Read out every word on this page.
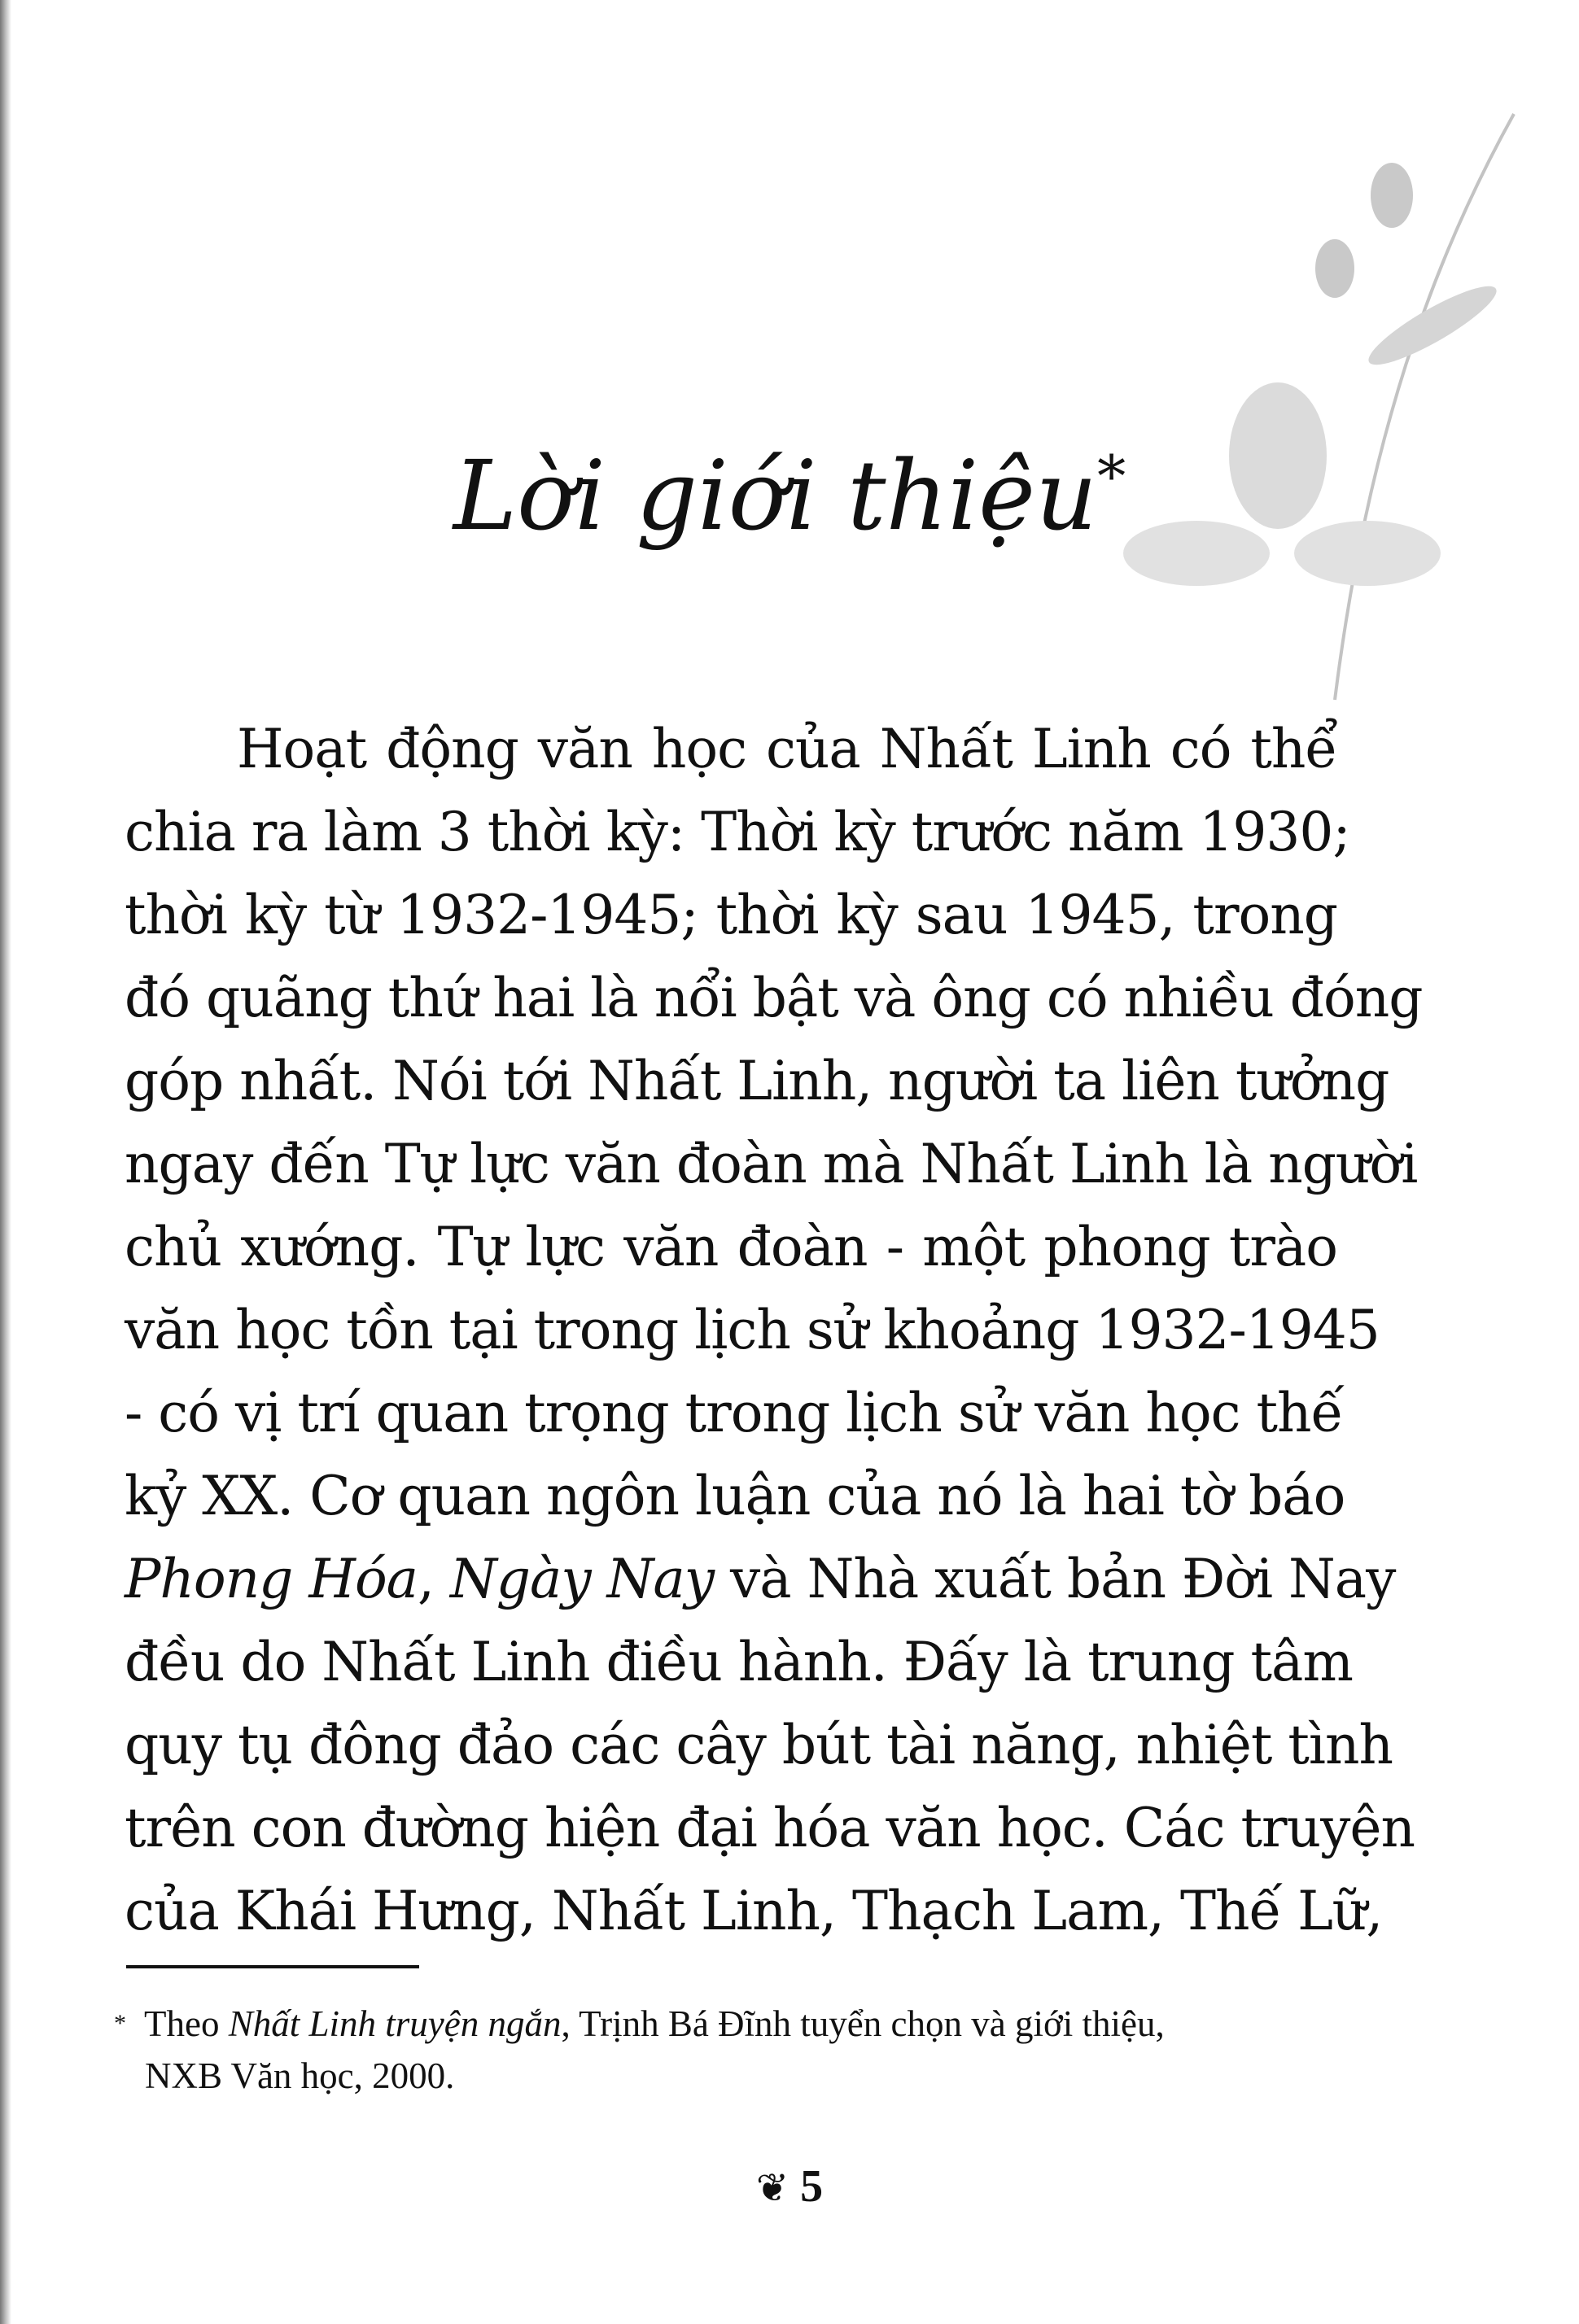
Lời giới thiệu*
Hoạt động văn học của Nhất Linh có thể
chia ra làm 3 thời kỳ: Thời kỳ trước năm 1930;
thời kỳ từ 1932-1945; thời kỳ sau 1945, trong
đó quãng thứ hai là nổi bật và ông có nhiều đóng
góp nhất. Nói tới Nhất Linh, người ta liên tưởng
ngay đến Tự lực văn đoàn mà Nhất Linh là người
chủ xướng. Tự lực văn đoàn - một phong trào
văn học tồn tại trong lịch sử khoảng 1932-1945
- có vị trí quan trọng trong lịch sử văn học thế
kỷ XX. Cơ quan ngôn luận của nó là hai tờ báo
Phong Hóa, Ngày Nay và Nhà xuất bản Đời Nay
đều do Nhất Linh điều hành. Đấy là trung tâm
quy tụ đông đảo các cây bút tài năng, nhiệt tình
trên con đường hiện đại hóa văn học. Các truyện
của Khái Hưng, Nhất Linh, Thạch Lam, Thế Lữ,
* Theo Nhất Linh truyện ngắn, Trịnh Bá Đĩnh tuyển chọn và giới thiệu,
NXB Văn học, 2000.
❦ 5
